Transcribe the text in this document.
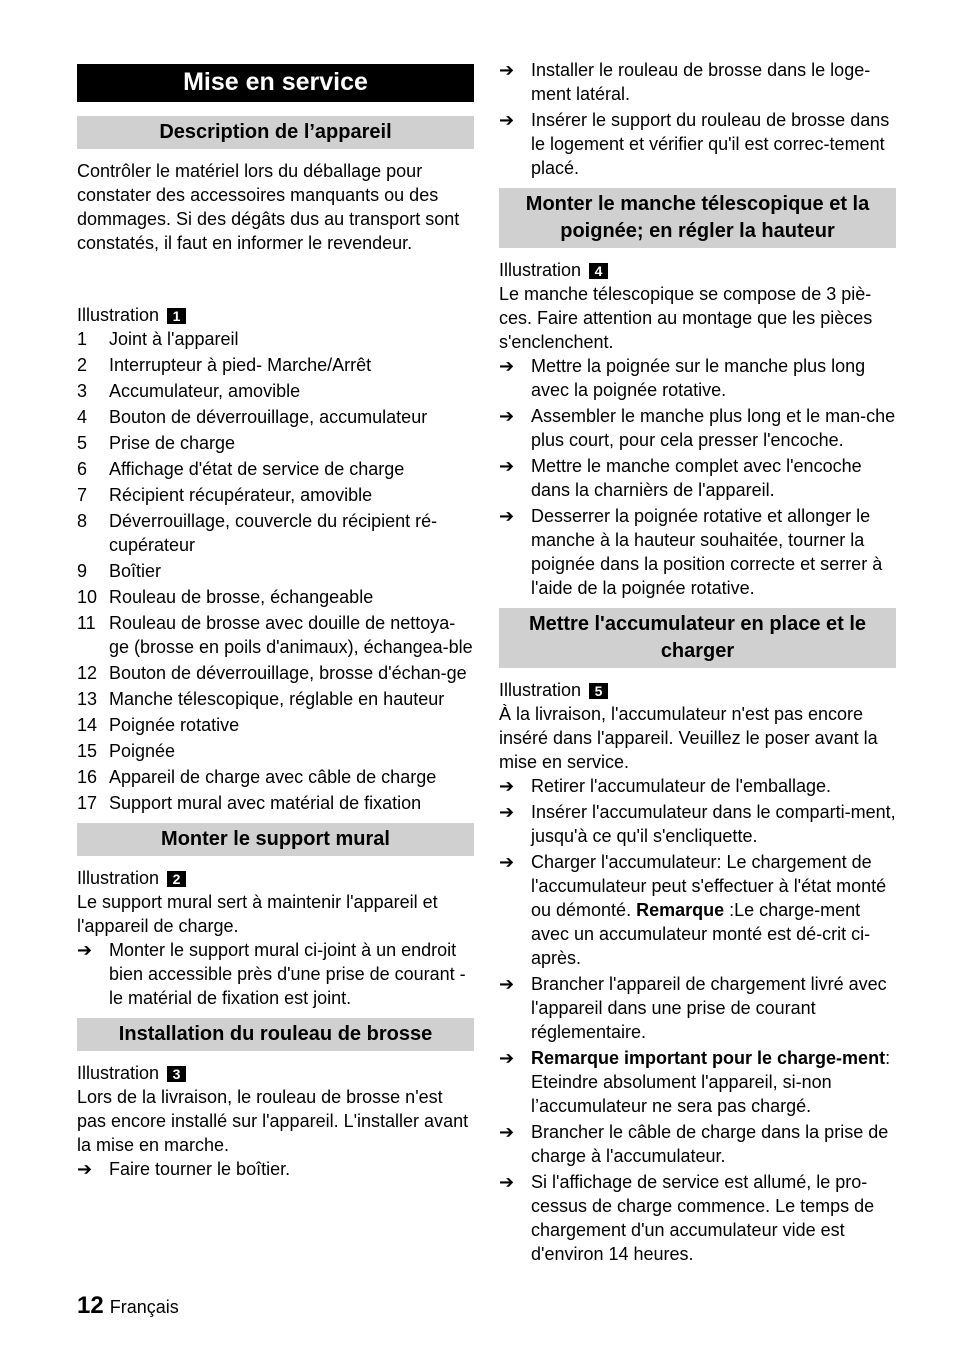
Mise en service
Description de l’appareil

Contrôler le matériel lors du déballage pour constater des accessoires manquants ou des dommages. Si des dégâts dus au transport sont constatés, il faut en informer le revendeur.

Illustration 1

1	Joint à l'appareil
2	Interrupteur à pied- Marche/Arrêt
3	Accumulateur, amovible
4	Bouton de déverrouillage, accumulateur
5	Prise de charge
6	Affichage d'état de service de charge
7	Récipient récupérateur, amovible
8	Déverrouillage, couvercle du récipient ré-cupérateur
9	Boîtier
10 Rouleau de brosse, échangeable
11 Rouleau de brosse avec douille de nettoya-ge (brosse en poils d'animaux), échangea-ble
12 Bouton de déverrouillage, brosse d'échan-ge
13 Manche télescopique, réglable en hauteur
14 Poignée rotative
15 Poignée
16 Appareil de charge avec câble de charge
17 Support mural avec matérial de fixation
Monter le support mural

Illustration 2

Le support mural sert à maintenir l'appareil et l'appareil de charge.

➔ Monter le support mural ci-joint à un endroit bien accessible près d'une prise de courant - le matérial de fixation est joint.
Installation du rouleau de brosse

Illustration 3

Lors de la livraison, le rouleau de brosse n'est pas encore installé sur l'appareil. L'installer avant la mise en marche.

➔ Faire tourner le boîtier.
➔ Installer le rouleau de brosse dans le loge-ment latéral.
➔ Insérer le support du rouleau de brosse dans le logement et vérifier qu'il est correc-tement placé.
Monter le manche télescopique et la poignée; en régler la hauteur

Illustration 4

Le manche télescopique se compose de 3 piè-ces. Faire attention au montage que les pièces s'enclenchent.

➔ Mettre la poignée sur le manche plus long avec la poignée rotative.
➔ Assembler le manche plus long et le man-che plus court, pour cela presser l'encoche.
➔ Mettre le manche complet avec l'encoche dans la charnièrs de l'appareil.
➔ Desserrer la poignée rotative et allonger le manche à la hauteur souhaitée, tourner la poignée dans la position correcte et serrer à l'aide de la poignée rotative.
Mettre l'accumulateur en place et le charger

Illustration 5

À la livraison, l'accumulateur n'est pas encore inséré dans l'appareil. Veuillez le poser avant la mise en service.

➔ Retirer l'accumulateur de l'emballage.
➔ Insérer l'accumulateur dans le comparti-ment, jusqu'à ce qu'il s'encliquette.
➔ Charger l'accumulateur: Le chargement de l'accumulateur peut s'effectuer à l'état monté ou démonté. Remarque :Le charge-ment avec un accumulateur monté est dé-crit ci-après.
➔ Brancher l'appareil de chargement livré avec l'appareil dans une prise de courant réglementaire.
➔ Remarque important pour le charge-ment: Eteindre absolument l'appareil, si-non l’accumulateur ne sera pas chargé.
➔ Brancher le câble de charge dans la prise de charge à l'accumulateur.
➔ Si l'affichage de service est allumé, le pro-cessus de charge commence. Le temps de chargement d'un accumulateur vide est d'environ 14 heures.
12 Français
